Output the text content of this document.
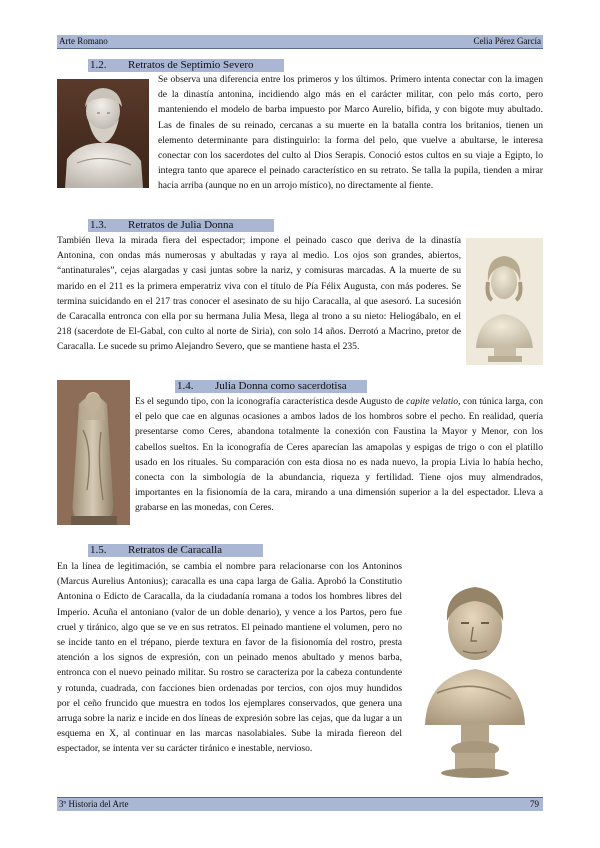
Arte Romano	Celia Pérez García
1.2. Retratos de Septimio Severo

Se observa una diferencia entre los primeros y los últimos. Primero intenta conectar con la imagen de la dinastía antonina, incidiendo algo más en el carácter militar, con pelo más corto, pero manteniendo el modelo de barba impuesto por Marco Aurelio, bífida, y con bigote muy abultado. Las de finales de su reinado, cercanas a su muerte en la batalla contra los britanios, tienen un elemento determinante para distinguirlo: la forma del pelo, que vuelve a abultarse, le interesa conectar con los sacerdotes del culto al Dios Serapis. Conoció estos cultos en su viaje a Egipto, lo integra tanto que aparece el peinado característico en su retrato. Se talla la pupila, tienden a mirar hacia arriba (aunque no en un arrojo místico), no directamente al fiente.

1.3. Retratos de Julia Donna

También lleva la mirada fiera del espectador; impone el peinado casco que deriva de la dinastía Antonina, con ondas más numerosas y abultadas y raya al medio. Los ojos son grandes, abiertos, “antinaturales”, cejas alargadas y casi juntas sobre la nariz, y comisuras marcadas. A la muerte de su marido en el 211 es la primera emperatriz viva con el título de Pía Félix Augusta, con más poderes. Se termina suicidando en el 217 tras conocer el asesinato de su hijo Caracalla, al que asesoró. La sucesión de Caracalla entronca con ella por su hermana Julia Mesa, llega al trono a su nieto: Heliogábalo, en el 218 (sacerdote de El-Gabal, con culto al norte de Siria), con solo 14 años. Derrotó a Macrino, pretor de Caracalla. Le sucede su primo Alejandro Severo, que se mantiene hasta el 235.

1.4. Julia Donna como sacerdotisa

Es el segundo tipo, con la iconografía característica desde Augusto de capite velatio, con túnica larga, con el pelo que cae en algunas ocasiones a ambos lados de los hombros sobre el pecho. En realidad, quería presentarse como Ceres, abandona totalmente la conexión con Faustina la Mayor y Menor, con los cabellos sueltos. En la iconografía de Ceres aparecían las amapolas y espigas de trigo o con el platillo usado en los rituales. Su comparación con esta diosa no es nada nuevo, la propia Livia lo había hecho, conecta con la simbología de la abundancia, riqueza y fertilidad. Tiene ojos muy almendrados, importantes en la fisionomía de la cara, mirando a una dimensión superior a la del espectador. Lleva a grabarse en las monedas, con Ceres.

1.5. Retratos de Caracalla

En la línea de legitimación, se cambia el nombre para relacionarse con los Antoninos (Marcus Aurelius Antonius); caracalla es una capa larga de Galia. Aprobó la Constitutio Antonina o Edicto de Caracalla, da la ciudadanía romana a todos los hombres libres del Imperio. Acuña el antoniano (valor de un doble denario), y vence a los Partos, pero fue cruel y tiránico, algo que se ve en sus retratos. El peinado mantiene el volumen, pero no se incide tanto en el trépano, pierde textura en favor de la fisionomía del rostro, presta atención a los signos de expresión, con un peinado menos abultado y menos barba, entronca con el nuevo peinado militar. Su rostro se caracteriza por la cabeza contundente y rotunda, cuadrada, con facciones bien ordenadas por tercios, con ojos muy hundidos por el ceño fruncido que muestra en todos los ejemplares conservados, que genera una arruga sobre la nariz e incide en dos líneas de expresión sobre las cejas, que da lugar a un esquema en X, al continuar en las marcas nasolabiales. Sube la mirada fiereon del espectador, se intenta ver su carácter tiránico e inestable, nervioso.

3º Historia del Arte	79
